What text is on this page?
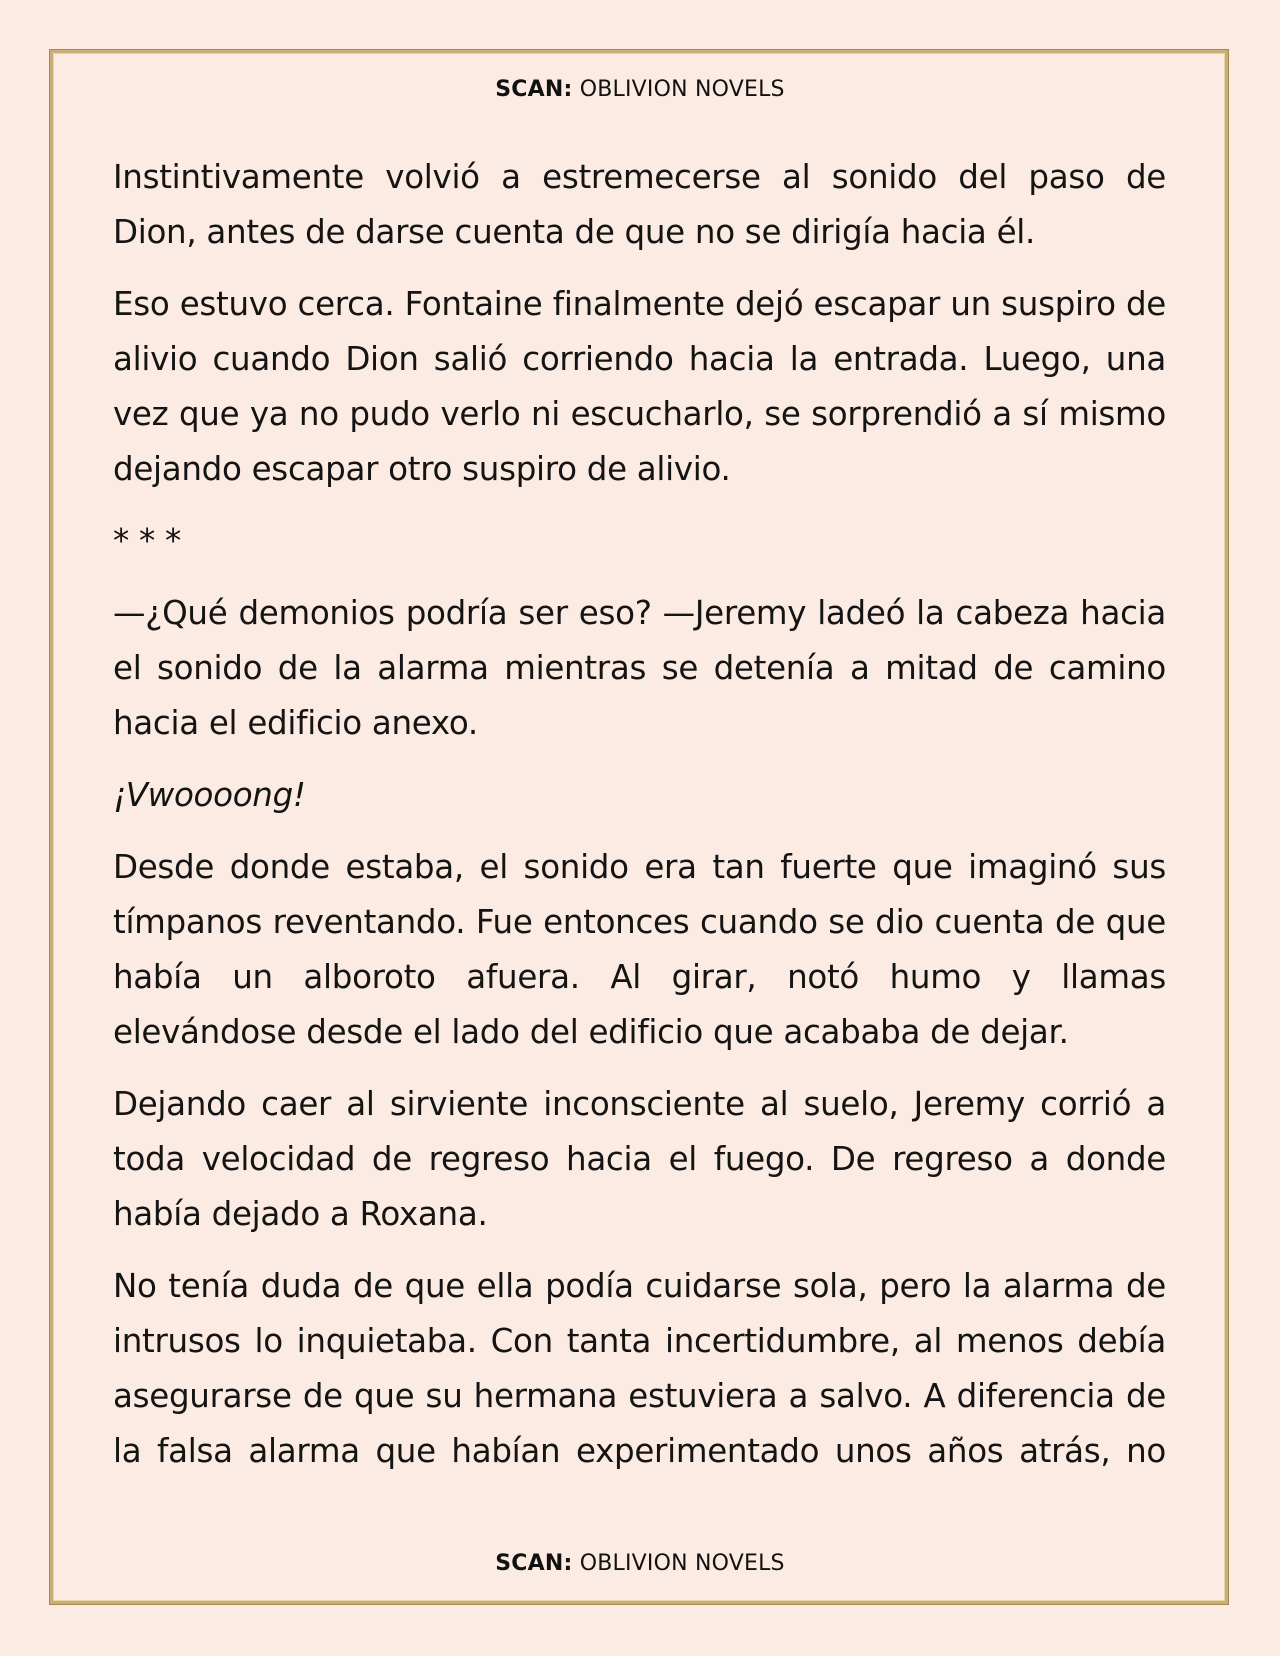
SCAN: OBLIVION NOVELS

Instintivamente volvió a estremecerse al sonido del paso de Dion, antes de darse cuenta de que no se dirigía hacia él.

Eso estuvo cerca. Fontaine finalmente dejó escapar un suspiro de alivio cuando Dion salió corriendo hacia la entrada. Luego, una vez que ya no pudo verlo ni escucharlo, se sorprendió a sí mismo dejando escapar otro suspiro de alivio.

* * *

—¿Qué demonios podría ser eso? —Jeremy ladeó la cabeza hacia el sonido de la alarma mientras se detenía a mitad de camino hacia el edificio anexo.

¡Vwoooong!

Desde donde estaba, el sonido era tan fuerte que imaginó sus tímpanos reventando. Fue entonces cuando se dio cuenta de que había un alboroto afuera. Al girar, notó humo y llamas elevándose desde el lado del edificio que acababa de dejar.

Dejando caer al sirviente inconsciente al suelo, Jeremy corrió a toda velocidad de regreso hacia el fuego. De regreso a donde había dejado a Roxana.

No tenía duda de que ella podía cuidarse sola, pero la alarma de intrusos lo inquietaba. Con tanta incertidumbre, al menos debía asegurarse de que su hermana estuviera a salvo. A diferencia de la falsa alarma que habían experimentado unos años atrás, no

SCAN: OBLIVION NOVELS
